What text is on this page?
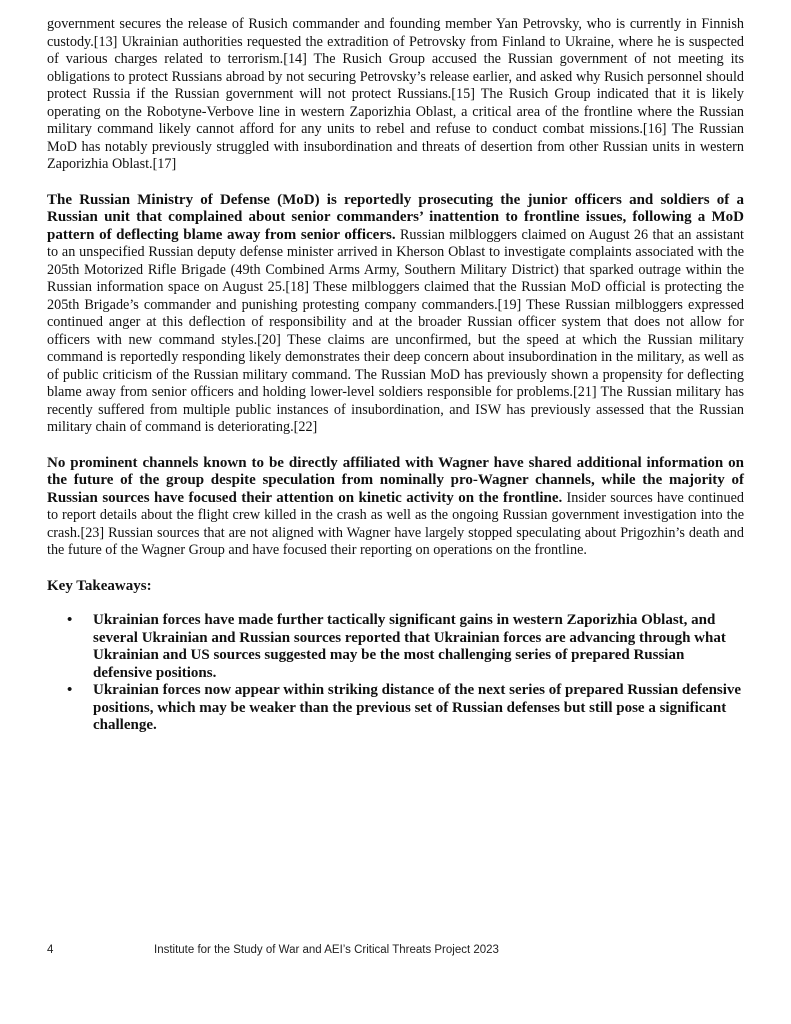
government secures the release of Rusich commander and founding member Yan Petrovsky, who is currently in Finnish custody.[13] Ukrainian authorities requested the extradition of Petrovsky from Finland to Ukraine, where he is suspected of various charges related to terrorism.[14] The Rusich Group accused the Russian government of not meeting its obligations to protect Russians abroad by not securing Petrovsky’s release earlier, and asked why Rusich personnel should protect Russia if the Russian government will not protect Russians.[15] The Rusich Group indicated that it is likely operating on the Robotyne-Verbove line in western Zaporizhia Oblast, a critical area of the frontline where the Russian military command likely cannot afford for any units to rebel and refuse to conduct combat missions.[16] The Russian MoD has notably previously struggled with insubordination and threats of desertion from other Russian units in western Zaporizhia Oblast.[17]

The Russian Ministry of Defense (MoD) is reportedly prosecuting the junior officers and soldiers of a Russian unit that complained about senior commanders’ inattention to frontline issues, following a MoD pattern of deflecting blame away from senior officers. Russian milbloggers claimed on August 26 that an assistant to an unspecified Russian deputy defense minister arrived in Kherson Oblast to investigate complaints associated with the 205th Motorized Rifle Brigade (49th Combined Arms Army, Southern Military District) that sparked outrage within the Russian information space on August 25.[18] These milbloggers claimed that the Russian MoD official is protecting the 205th Brigade’s commander and punishing protesting company commanders.[19] These Russian milbloggers expressed continued anger at this deflection of responsibility and at the broader Russian officer system that does not allow for officers with new command styles.[20] These claims are unconfirmed, but the speed at which the Russian military command is reportedly responding likely demonstrates their deep concern about insubordination in the military, as well as of public criticism of the Russian military command. The Russian MoD has previously shown a propensity for deflecting blame away from senior officers and holding lower-level soldiers responsible for problems.[21] The Russian military has recently suffered from multiple public instances of insubordination, and ISW has previously assessed that the Russian military chain of command is deteriorating.[22]

No prominent channels known to be directly affiliated with Wagner have shared additional information on the future of the group despite speculation from nominally pro-Wagner channels, while the majority of Russian sources have focused their attention on kinetic activity on the frontline. Insider sources have continued to report details about the flight crew killed in the crash as well as the ongoing Russian government investigation into the crash.[23] Russian sources that are not aligned with Wagner have largely stopped speculating about Prigozhin’s death and the future of the Wagner Group and have focused their reporting on operations on the frontline.

Key Takeaways:

• Ukrainian forces have made further tactically significant gains in western Zaporizhia Oblast, and several Ukrainian and Russian sources reported that Ukrainian forces are advancing through what Ukrainian and US sources suggested may be the most challenging series of prepared Russian defensive positions.
• Ukrainian forces now appear within striking distance of the next series of prepared Russian defensive positions, which may be weaker than the previous set of Russian defenses but still pose a significant challenge.
4	Institute for the Study of War and AEI’s Critical Threats Project 2023
